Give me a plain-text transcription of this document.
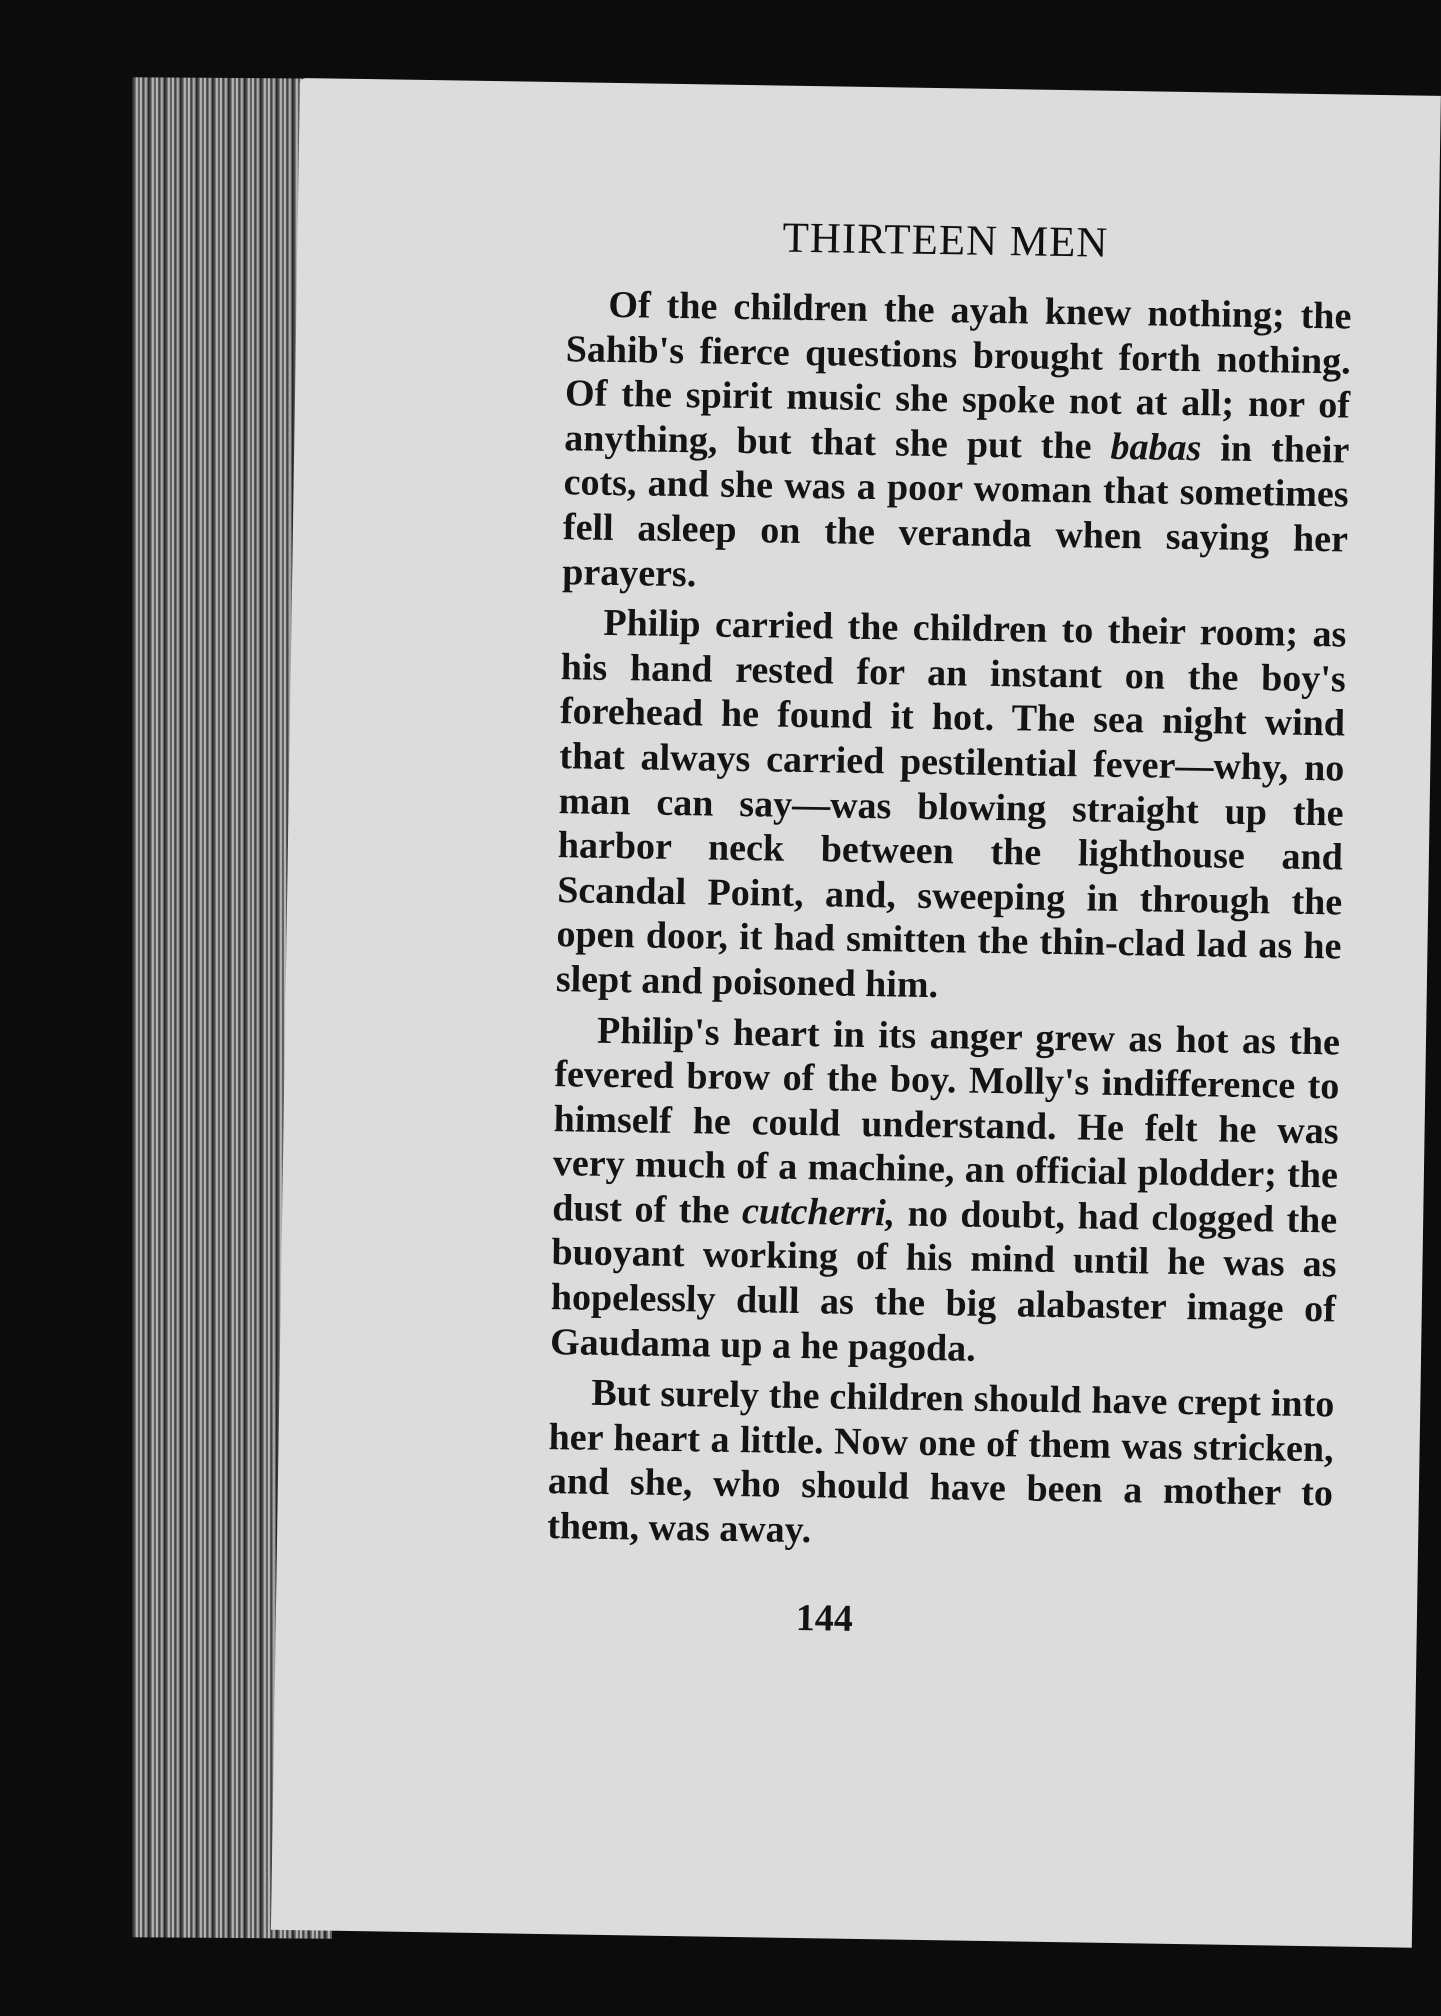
THIRTEEN MEN

Of the children the ayah knew nothing; the Sahib's fierce questions brought forth nothing. Of the spirit music she spoke not at all; nor of anything, but that she put the babas in their cots, and she was a poor woman that sometimes fell asleep on the veranda when saying her prayers.

Philip carried the children to their room; as his hand rested for an instant on the boy's forehead he found it hot. The sea night wind that always carried pestilential fever—why, no man can say—was blowing straight up the harbor neck between the lighthouse and Scandal Point, and, sweeping in through the open door, it had smitten the thin-clad lad as he slept and poisoned him.

Philip's heart in its anger grew as hot as the fevered brow of the boy. Molly's indifference to himself he could understand. He felt he was very much of a machine, an official plodder; the dust of the cutcherri, no doubt, had clogged the buoyant working of his mind until he was as hopelessly dull as the big alabaster image of Gaudama up a he pagoda.

But surely the children should have crept into her heart a little. Now one of them was stricken, and she, who should have been a mother to them, was away.

144
